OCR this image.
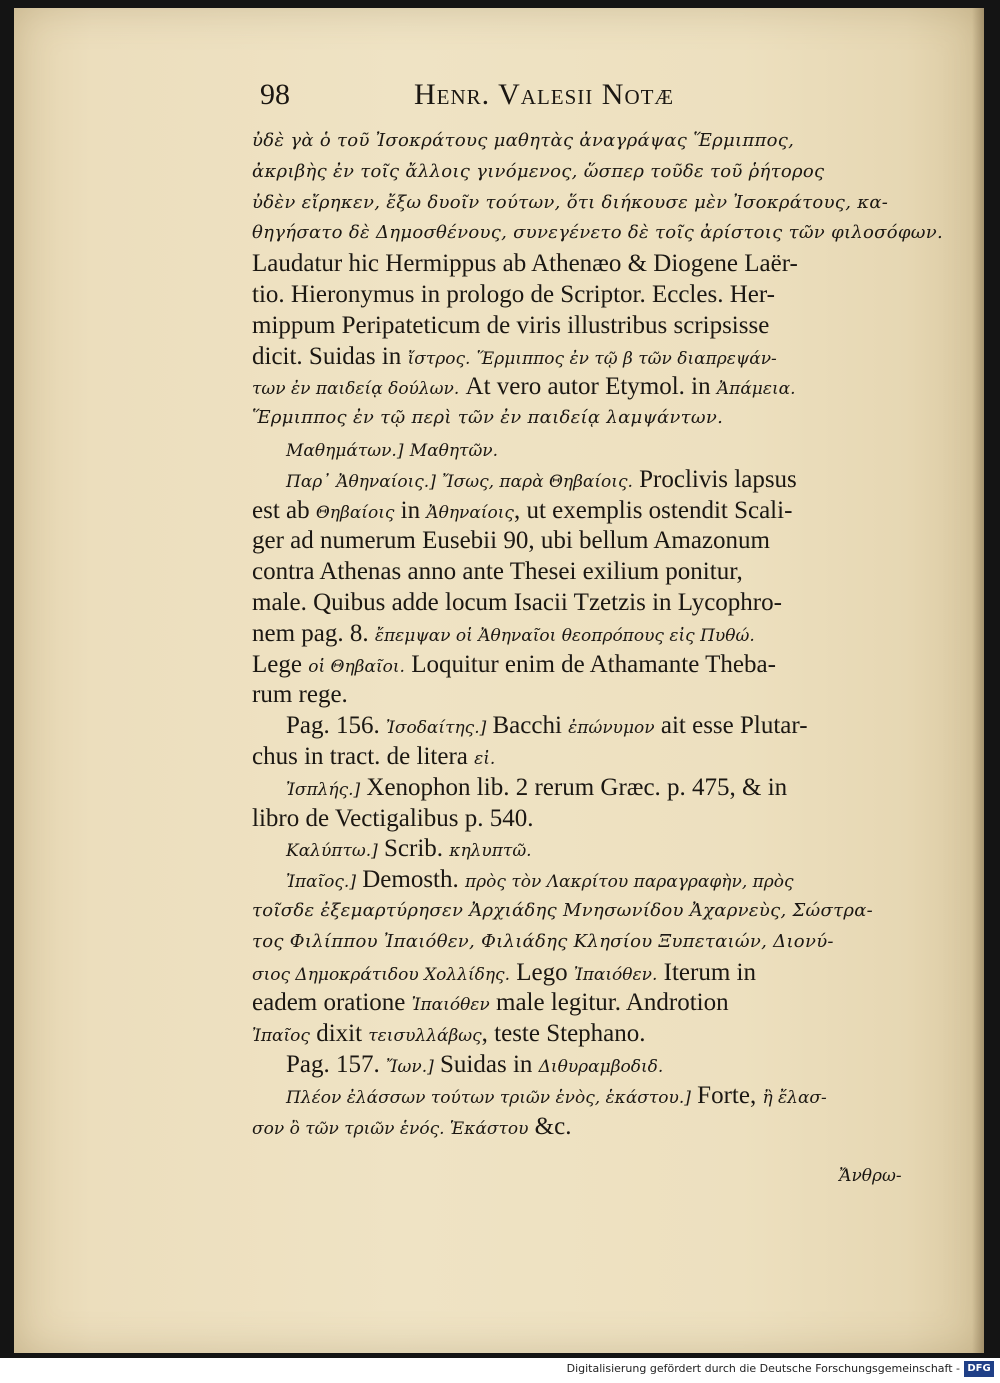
98	Henr. Valesii Notæ
ὐδὲ γὰ ὁ τοῦ Ἰσοκράτους μαθητὰς ἀναγράψας Ἕρμιππος,
ἀκριβὴς ἐν τοῖς ἄλλοις γινόμενος, ὥσπερ τοῦδε τοῦ ῥήτορος
ὐδὲν εἴρηκεν, ἔξω δυοῖν τούτων, ὅτι διήκουσε μὲν Ἰσοκράτους, κα-
θηγήσατο δὲ Δημοσθένους, συνεγένετο δὲ τοῖς ἀρίστοις τῶν φιλοσόφων.
Laudatur hic Hermippus ab Athenæo & Diogene Laër-
tio. Hieronymus in prologo de Scriptor. Eccles. Her-
mippum Peripateticum de viris illustribus scripsisse
dicit. Suidas in ἴστρος. Ἕρμιππος ἐν τῷ β τῶν διαπρεψάν-
των ἐν παιδείᾳ δούλων. At vero autor Etymol. in Ἀπάμεια.
Ἕρμιππος ἐν τῷ περὶ τῶν ἐν παιδείᾳ λαμψάντων.
Μαθημάτων.] Μαθητῶν.
Παρ᾽ Ἀθηναίοις.] Ἴσως, παρὰ Θηβαίοις. Proclivis lapsus
est ab Θηβαίοις in Ἀθηναίοις, ut exemplis ostendit Scali-
ger ad numerum Eusebii 90, ubi bellum Amazonum
contra Athenas anno ante Thesei exilium ponitur,
male. Quibus adde locum Isacii Tzetzis in Lycophro-
nem pag. 8. ἔπεμψαν οἱ Ἀθηναῖοι θεοπρόπους εἰς Πυθώ.
Lege οἱ Θηβαῖοι. Loquitur enim de Athamante Theba-
rum rege.
Pag. 156. Ἰσοδαίτης.] Bacchi ἐπώνυμον ait esse Plutar-
chus in tract. de litera εἰ.
Ἰσπλής.] Xenophon lib. 2 rerum Græc. p. 475, & in
libro de Vectigalibus p. 540.
Καλύπτω.] Scrib. κηλυπτῶ.
Ἰπαῖος.] Demosth. πρὸς τὸν Λακρίτου παραγραφὴν, πρὸς
τοῖσδε ἐξεμαρτύρησεν Ἀρχιάδης Μνησωνίδου Ἀχαρνεὺς, Σώστρα-
τος Φιλίππου Ἰπαιόθεν, Φιλιάδης Κλησίου Ξυπεταιών, Διονύ-
σιος Δημοκράτιδου Χολλίδης. Lego Ἰπαιόθεν. Iterum in
eadem oratione Ἰπαιόθεν male legitur. Androtion
Ἰπαῖος dixit τεισυλλάβως, teste Stephano.
Pag. 157. Ἴων.] Suidas in Διθυραμβοδιδ.
Πλέον ἐλάσσων τούτων τριῶν ἑνὸς, ἑκάστου.] Forte, ἢ ἔλασ-
σον ὂ τῶν τριῶν ἑνός. Ἑκάστου &c.
Ἄνθρω-
Digitalisierung gefördert durch die Deutsche Forschungsgemeinschaft - DFG
